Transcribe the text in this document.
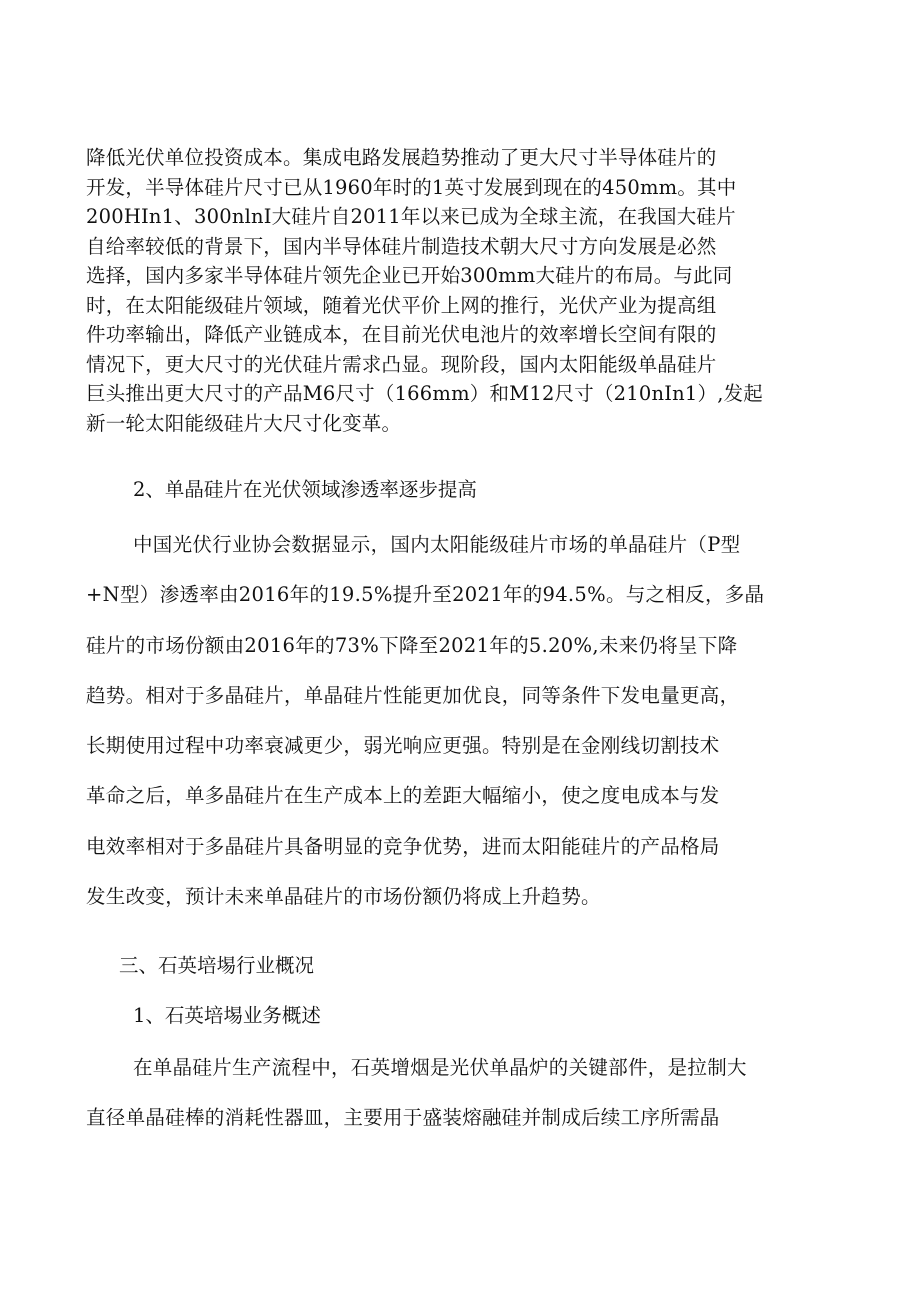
降低光伏单位投资成本。集成电路发展趋势推动了更大尺寸半导体硅片的
开发，半导体硅片尺寸已从1960年时的1英寸发展到现在的450mm。其中
200HIn1、300nlnI大硅片自2011年以来已成为全球主流，在我国大硅片
自给率较低的背景下，国内半导体硅片制造技术朝大尺寸方向发展是必然
选择，国内多家半导体硅片领先企业已开始300mm大硅片的布局。与此同
时，在太阳能级硅片领域，随着光伏平价上网的推行，光伏产业为提高组
件功率输出，降低产业链成本，在目前光伏电池片的效率增长空间有限的
情况下，更大尺寸的光伏硅片需求凸显。现阶段，国内太阳能级单晶硅片
巨头推出更大尺寸的产品M6尺寸（166mm）和M12尺寸（210nIn1）,发起
新一轮太阳能级硅片大尺寸化变革。
2、单晶硅片在光伏领域渗透率逐步提高
中国光伏行业协会数据显示，国内太阳能级硅片市场的单晶硅片（P型
+N型）渗透率由2016年的19.5%提升至2021年的94.5%。与之相反，多晶
硅片的市场份额由2016年的73%下降至2021年的5.20%,未来仍将呈下降
趋势。相对于多晶硅片，单晶硅片性能更加优良，同等条件下发电量更高，
长期使用过程中功率衰减更少，弱光响应更强。特别是在金刚线切割技术
革命之后，单多晶硅片在生产成本上的差距大幅缩小，使之度电成本与发
电效率相对于多晶硅片具备明显的竞争优势，进而太阳能硅片的产品格局
发生改变，预计未来单晶硅片的市场份额仍将成上升趋势。
三、石英培埸行业概况
1、石英培埸业务概述
在单晶硅片生产流程中，石英增烟是光伏单晶炉的关键部件，是拉制大
直径单晶硅棒的消耗性器皿，主要用于盛装熔融硅并制成后续工序所需晶
